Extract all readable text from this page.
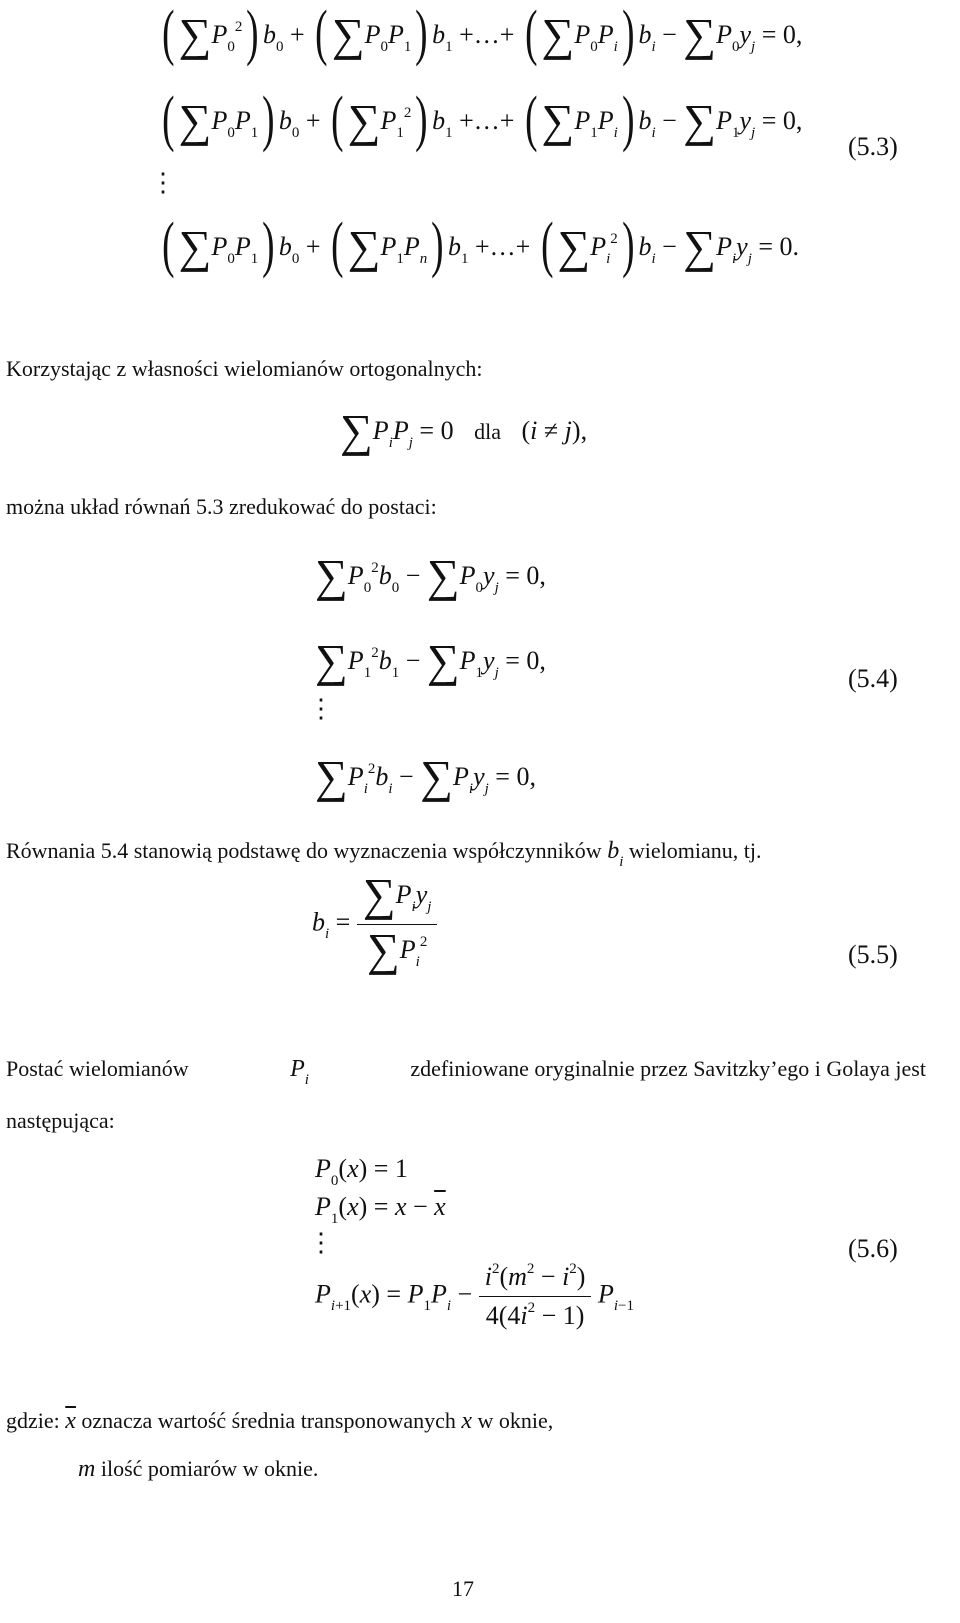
$(\sum P_0^2) b_0 + (\sum P_0P_1)$ $b_1$ +…+ $(\sum P_0P_i) b_i - \sum P_0y_j = 0$,
$(\sum P_0P_1) b_0 + (\sum P_1^2)$ $b_1$ +…+ $(\sum P_1P_i) b_i - \sum P_1y_j = 0$,
(5.3)
⋮
$(\sum P_0P_1) b_0 + (\sum P_1P_n)$ $b_1$ +…+ $(\sum P_i^2) b_i - \sum P_iy_j = 0$.
Korzystając z własności wielomianów ortogonalnych:
$\sum P_iP_j = 0$ dla (i ≠ j),
można układ równań 5.3 zredukować do postaci:
$\sum P_0^2b_0 - \sum P_0y_j = 0$,
$\sum P_1^2b_1 - \sum P_1y_j = 0$,
(5.4)
⋮
$\sum P_i^2b_i - \sum P_iy_j = 0$,
Równania 5.4 stanowią podstawę do wyznaczenia współczynników $b_i$ wielomianu, tj.
$b_i = \frac{\sum P_iy_j}{\sum P_i^2}$	(5.5)
Postać wielomianów	$P_i$	zdefiniowane oryginalnie przez Savitzky’ego i Golaya jest
następująca:
$P_0(x) = 1$
$P_1(x) = x - \overline{x}$
⋮	(5.6)
$P_{i+1}(x) = P_1P_i - \frac{i^2(m^2 - i^2)}{4(4i^2 - 1)} P_{i-1}$
gdzie: $\overline{x}$ oznacza wartość średnia transponowanych x w oknie,
m ilość pomiarów w oknie.
17
